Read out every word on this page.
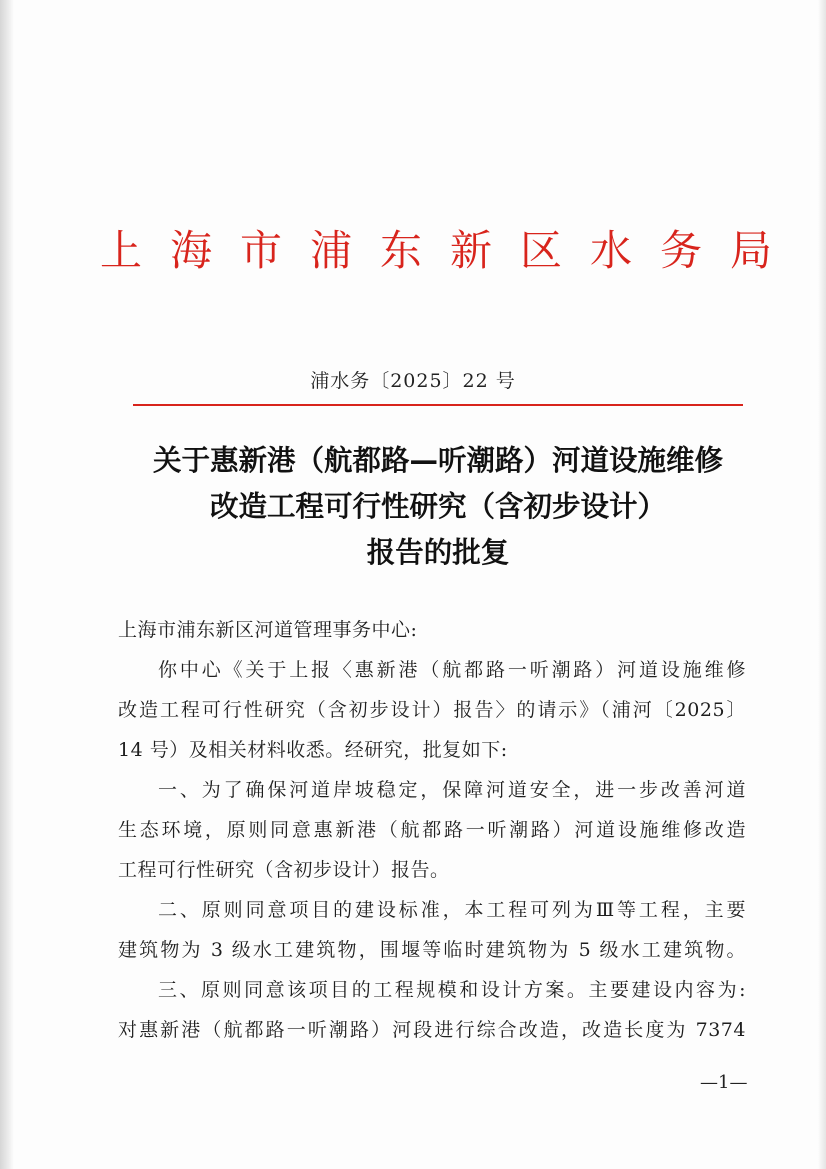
上海市浦东新区水务局
浦水务〔2025〕22 号
关于惠新港（航都路—听潮路）河道设施维修
改造工程可行性研究（含初步设计）
报告的批复
上海市浦东新区河道管理事务中心:
你中心《关于上报〈惠新港（航都路一听潮路）河道设施维修
改造工程可行性研究（含初步设计）报告〉的请示》（浦河〔2025〕
14 号）及相关材料收悉。经研究，批复如下:
一、为了确保河道岸坡稳定，保障河道安全，进一步改善河道
生态环境，原则同意惠新港（航都路一听潮路）河道设施维修改造
工程可行性研究（含初步设计）报告。
二、原则同意项目的建设标准，本工程可列为Ⅲ等工程，主要
建筑物为 3 级水工建筑物，围堰等临时建筑物为 5 级水工建筑物。
三、原则同意该项目的工程规模和设计方案。主要建设内容为:
对惠新港（航都路一听潮路）河段进行综合改造，改造长度为 7374
—1—
